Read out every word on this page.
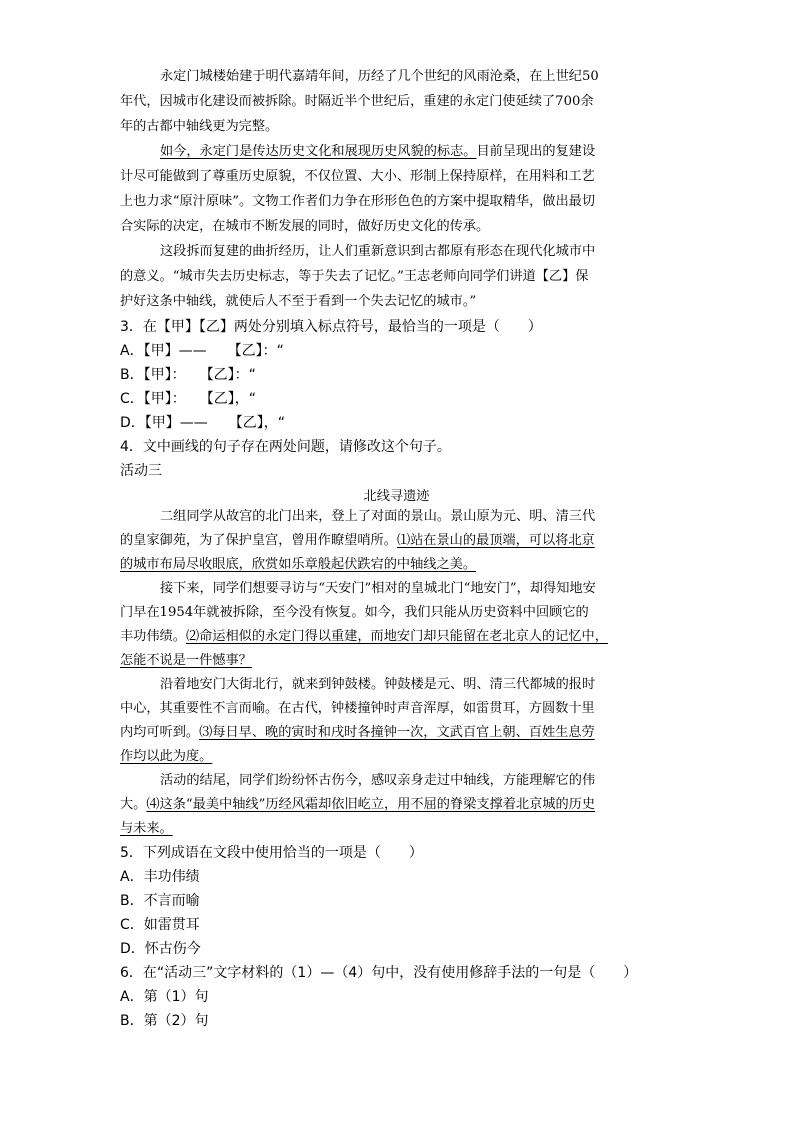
永定门城楼始建于明代嘉靖年间，历经了几个世纪的风雨沧桑，在上世纪50
年代，因城市化建设而被拆除。时隔近半个世纪后，重建的永定门使延续了700余
年的古都中轴线更为完整。
如今，永定门是传达历史文化和展现历史风貌的标志。目前呈现出的复建设
计尽可能做到了尊重历史原貌，不仅位置、大小、形制上保持原样，在用料和工艺
上也力求“原汁原味”。文物工作者们力争在形形色色的方案中提取精华，做出最切
合实际的决定，在城市不断发展的同时，做好历史文化的传承。
这段拆而复建的曲折经历，让人们重新意识到古都原有形态在现代化城市中
的意义。“城市失去历史标志，等于失去了记忆。”王志老师向同学们讲道【乙】保
护好这条中轴线，就使后人不至于看到一个失去记忆的城市。”
3．在【甲】【乙】两处分别填入标点符号，最恰当的一项是（　　）
A．【甲】——　　【乙】：“
B．【甲】：　　【乙】：“
C．【甲】：　　【乙】，“
D．【甲】——　　【乙】，“
4．文中画线的句子存在两处问题，请修改这个句子。
活动三
北线寻遗迹
二组同学从故宫的北门出来，登上了对面的景山。景山原为元、明、清三代
的皇家御苑，为了保护皇宫，曾用作瞭望哨所。⑴站在景山的最顶端，可以将北京
的城市布局尽收眼底，欣赏如乐章般起伏跌宕的中轴线之美。
接下来，同学们想要寻访与“天安门”相对的皇城北门“地安门”，却得知地安
门早在1954年就被拆除，至今没有恢复。如今，我们只能从历史资料中回顾它的
丰功伟绩。⑵命运相似的永定门得以重建，而地安门却只能留在老北京人的记忆中，
怎能不说是一件憾事？
沿着地安门大街北行，就来到钟鼓楼。钟鼓楼是元、明、清三代都城的报时
中心，其重要性不言而喻。在古代，钟楼撞钟时声音浑厚，如雷贯耳，方圆数十里
内均可听到。⑶每日早、晚的寅时和戌时各撞钟一次，文武百官上朝、百姓生息劳
作均以此为度。
活动的结尾，同学们纷纷怀古伤今，感叹亲身走过中轴线，方能理解它的伟
大。⑷这条“最美中轴线”历经风霜却依旧屹立，用不屈的脊梁支撑着北京城的历史
与未来。
5．下列成语在文段中使用恰当的一项是（　　）
A．丰功伟绩
B．不言而喻
C．如雷贯耳
D．怀古伤今
6．在“活动三”文字材料的（1）—（4）句中，没有使用修辞手法的一句是（　　）
A．第（1）句
B．第（2）句
